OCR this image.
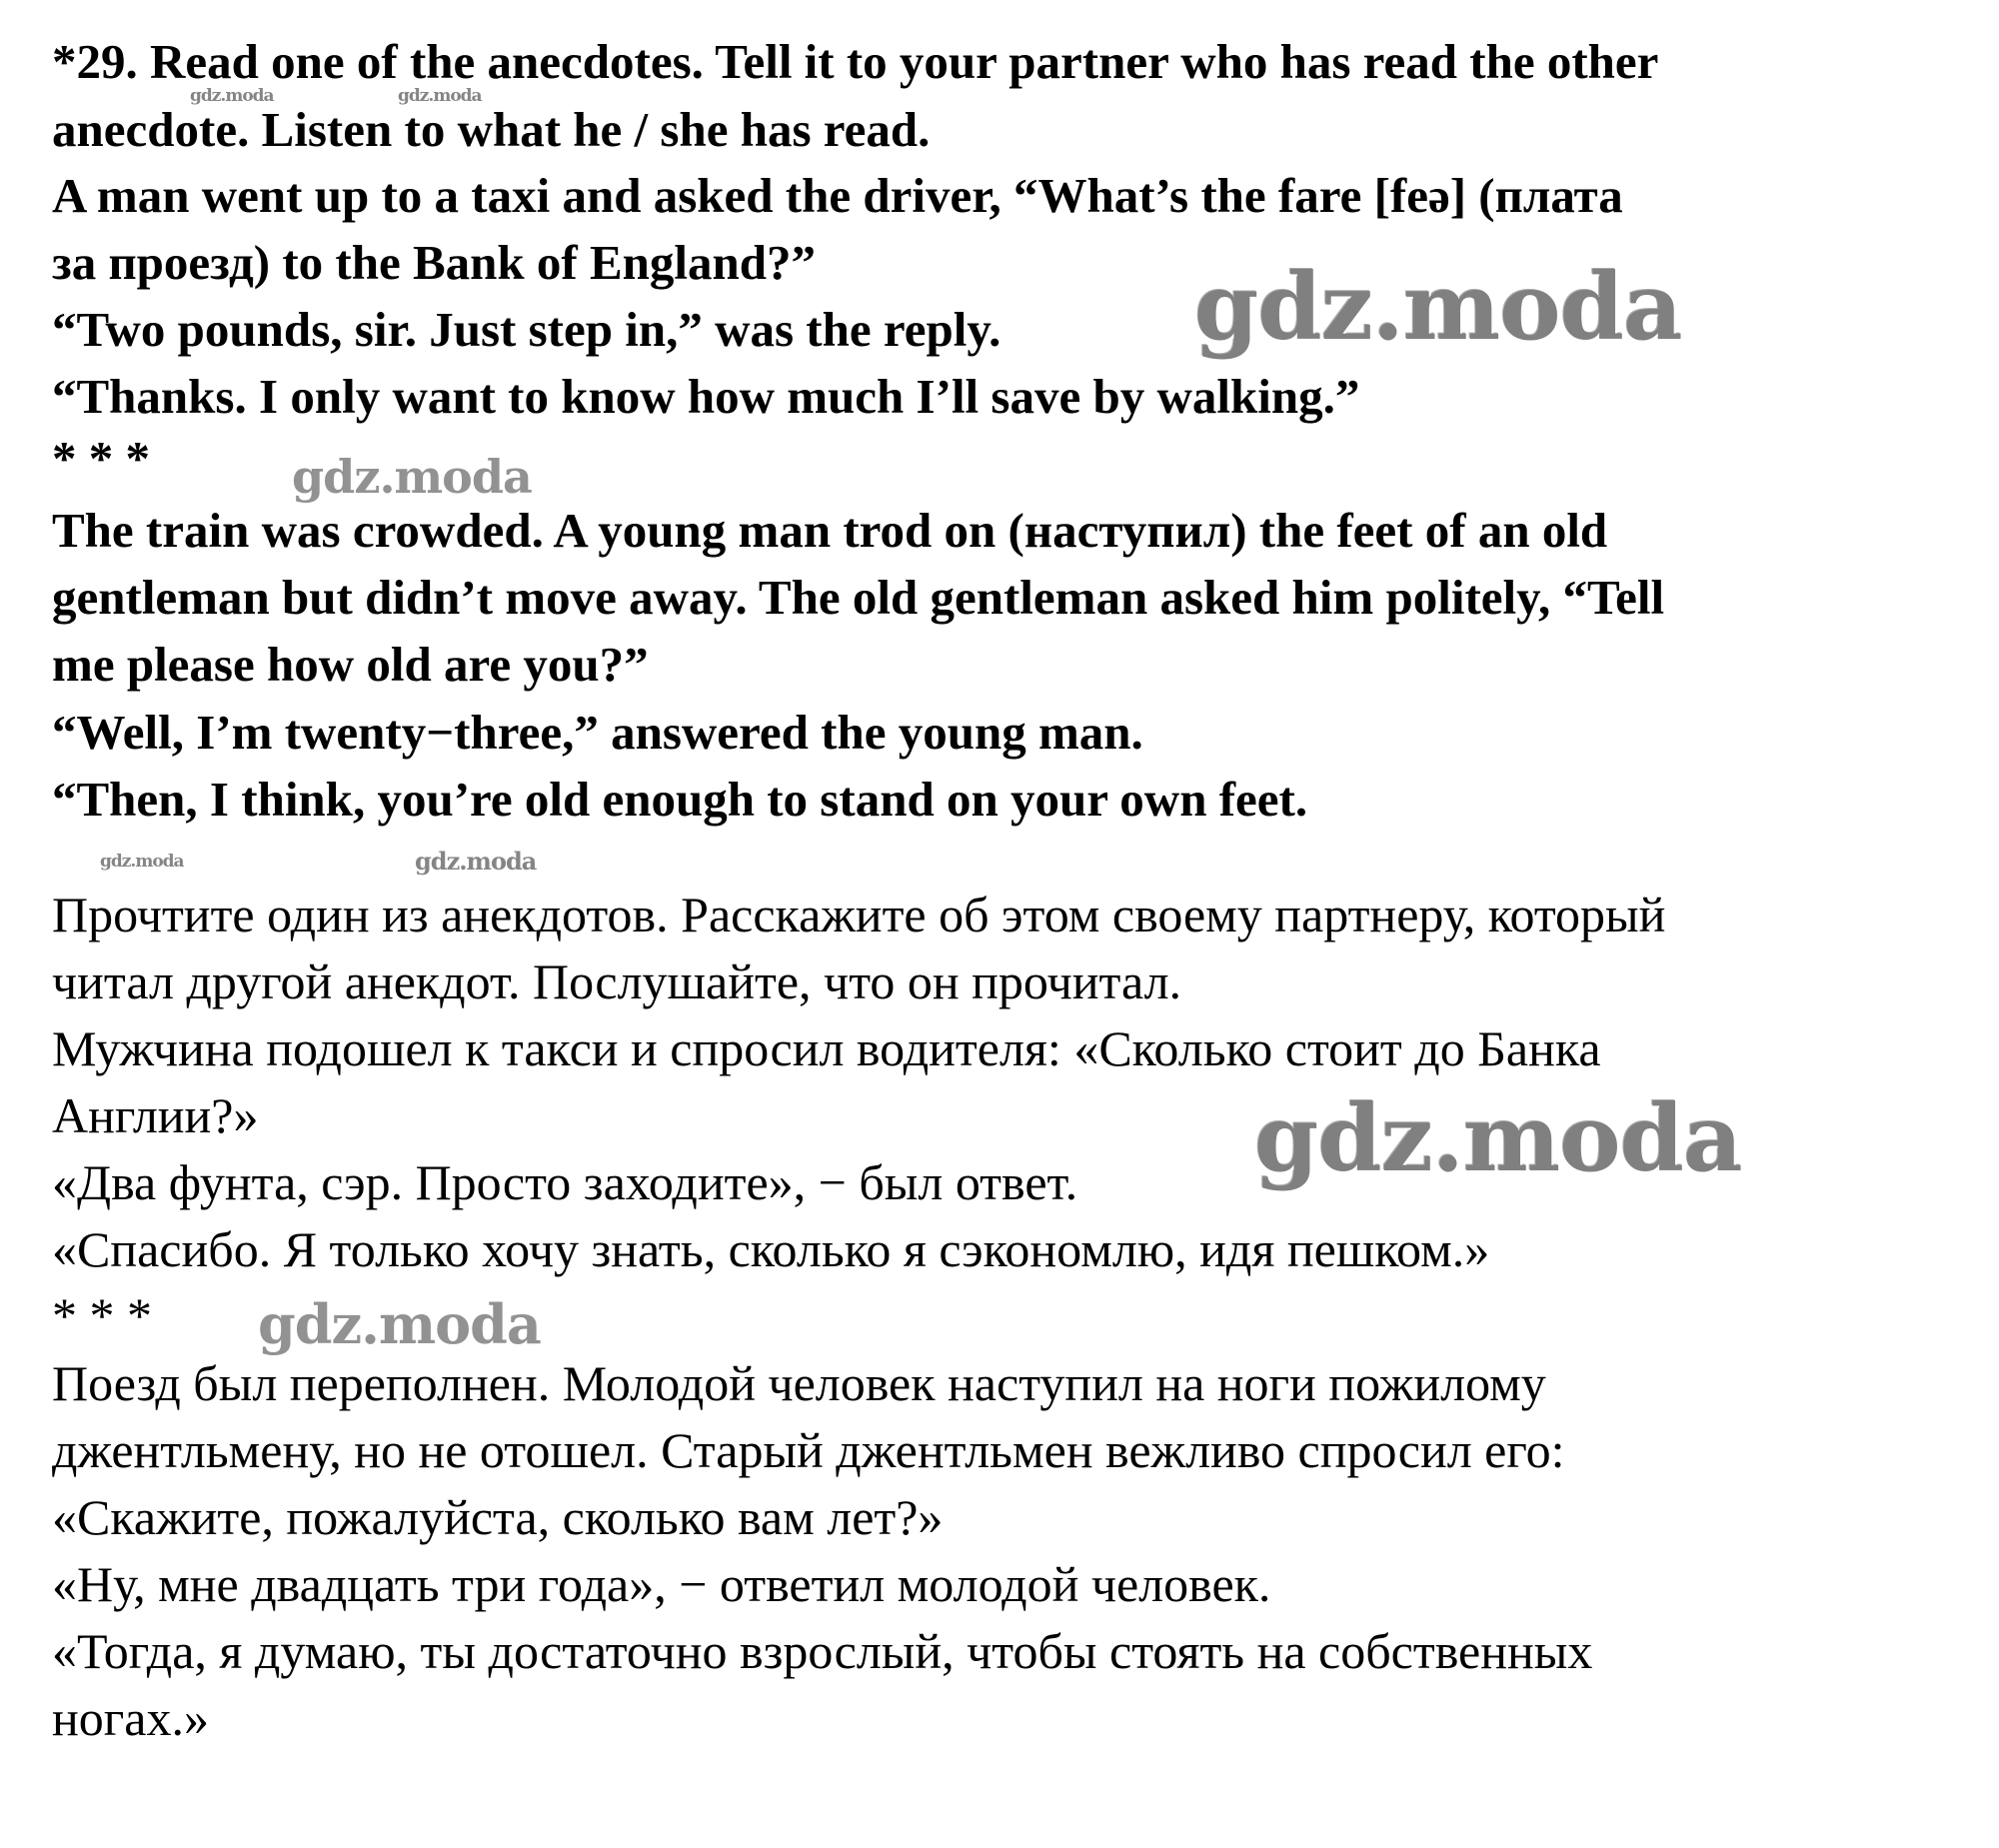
*29. Read one of the anecdotes. Tell it to your partner who has read the other
anecdote. Listen to what he / she has read.
A man went up to a taxi and asked the driver, “What’s the fare [feə] (плата
за проезд) to the Bank of England?”
“Two pounds, sir. Just step in,” was the reply.
“Thanks. I only want to know how much I’ll save by walking.”
* * *
The train was crowded. A young man trod on (наступил) the feet of an old
gentleman but didn’t move away. The old gentleman asked him politely, “Tell
me please how old are you?”
“Well, I’m twenty−three,” answered the young man.
“Then, I think, you’re old enough to stand on your own feet.
Прочтите один из анекдотов. Расскажите об этом своему партнеру, который
читал другой анекдот. Послушайте, что он прочитал.
Мужчина подошел к такси и спросил водителя: «Сколько стоит до Банка
Англии?»
«Два фунта, сэр. Просто заходите», − был ответ.
«Спасибо. Я только хочу знать, сколько я сэкономлю, идя пешком.»
* * *
Поезд был переполнен. Молодой человек наступил на ноги пожилому
джентльмену, но не отошел. Старый джентльмен вежливо спросил его:
«Скажите, пожалуйста, сколько вам лет?»
«Ну, мне двадцать три года», − ответил молодой человек.
«Тогда, я думаю, ты достаточно взрослый, чтобы стоять на собственных
ногах.»
gdz.moda	gdz.moda
gdz.moda
gdz.moda
gdz.moda	gdz.moda
gdz.moda
gdz.moda
